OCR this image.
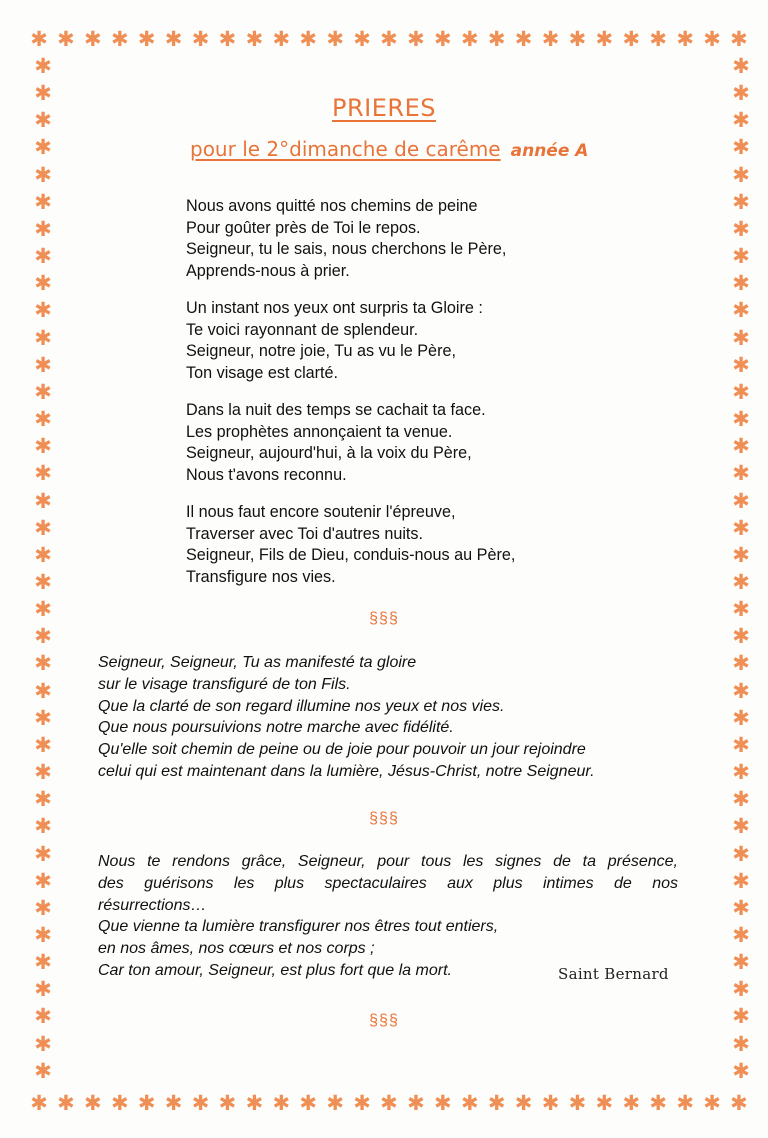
✱ ✱ ✱ ✱ ✱ ✱ ✱ ✱ ✱ ✱ ✱ ✱ ✱ ✱ ✱ ✱ ✱ ✱ ✱ ✱ ✱ ✱ ✱ ✱ ✱ ✱ ✱
✱ ✱ ✱ ✱ ✱ ✱ ✱ ✱ ✱ ✱ ✱ ✱ ✱ ✱ ✱ ✱ ✱ ✱ ✱ ✱ ✱ ✱ ✱ ✱ ✱ ✱ ✱
✱
✱
✱
✱
✱
✱
✱
✱
✱
✱
✱
✱
✱
✱
✱
✱
✱
✱
✱
✱
✱
✱
✱
✱
✱
✱
✱
✱
✱
✱
✱
✱
✱
✱
✱
✱
✱
✱
✱
✱
✱
✱
✱
✱
✱
✱
✱
✱
✱
✱
✱
✱
✱
✱
✱
✱
✱
✱
✱
✱
✱
✱
✱
✱
✱
✱
✱
✱
✱
✱
✱
✱
✱
✱
✱
✱
PRIERES
pour le 2°dimanche de carême année A
Nous avons quitté nos chemins de peine
Pour goûter près de Toi le repos.
Seigneur, tu le sais, nous cherchons le Père,
Apprends-nous à prier.
Un instant nos yeux ont surpris ta Gloire :
Te voici rayonnant de splendeur.
Seigneur, notre joie, Tu as vu le Père,
Ton visage est clarté.
Dans la nuit des temps se cachait ta face.
Les prophètes annonçaient ta venue.
Seigneur, aujourd'hui, à la voix du Père,
Nous t'avons reconnu.
Il nous faut encore soutenir l'épreuve,
Traverser avec Toi d'autres nuits.
Seigneur, Fils de Dieu, conduis-nous au Père,
Transfigure nos vies.
§§§
Seigneur, Seigneur, Tu as manifesté ta gloire
sur le visage transfiguré de ton Fils.
Que la clarté de son regard illumine nos yeux et nos vies.
Que nous poursuivions notre marche avec fidélité.
Qu'elle soit chemin de peine ou de joie pour pouvoir un jour rejoindre
celui qui est maintenant dans la lumière, Jésus-Christ, notre Seigneur.
§§§
Nous te rendons grâce, Seigneur, pour tous les signes de ta présence,
des guérisons les plus spectaculaires aux plus intimes de nos
résurrections…
Que vienne ta lumière transfigurer nos êtres tout entiers,
en nos âmes, nos cœurs et nos corps ;
Car ton amour, Seigneur, est plus fort que la mort.	Saint Bernard
§§§
